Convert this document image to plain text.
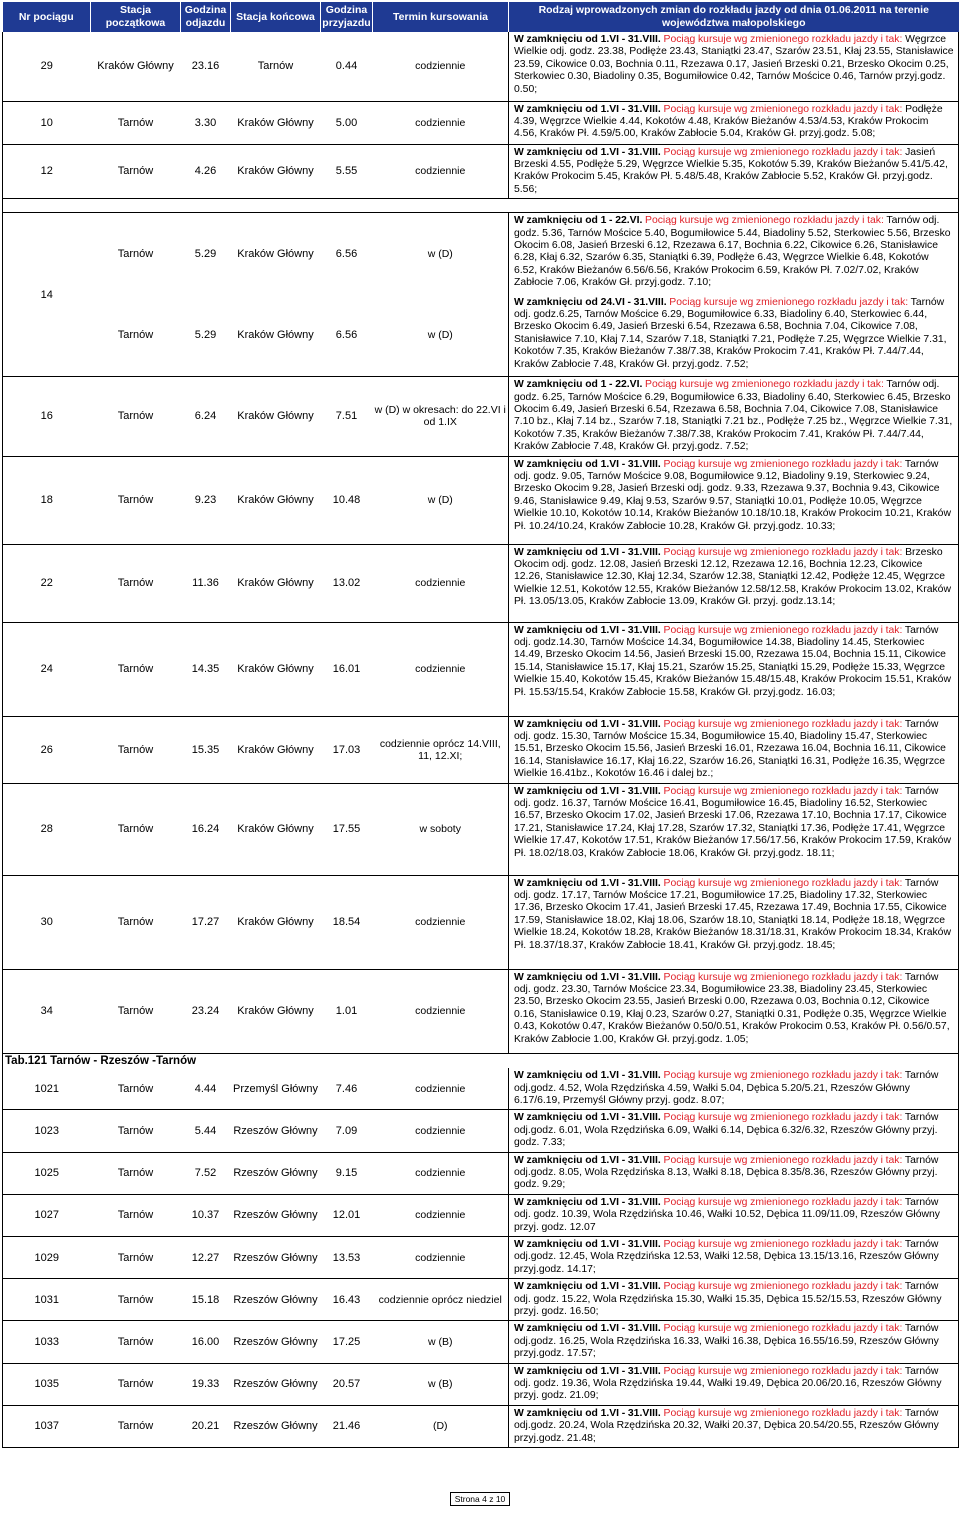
Nr pociągu	Stacja początkowa	Godzina odjazdu	Stacja końcowa	Godzina przyjazdu	Termin kursowania	Rodzaj wprowadzonych zmian do rozkładu jazdy od dnia 01.06.2011 na terenie województwa małopolskiego
29	Kraków Główny	23.16	Tarnów	0.44	codziennie	W zamknięciu od 1.VI - 31.VIII. Pociąg kursuje wg zmienionego rozkładu jazdy i tak: Węgrzce Wielkie odj. godz. 23.38, Podłęże 23.43, Staniątki 23.47, Szarów 23.51, Kłaj 23.55, Stanisławice 23.59, Cikowice 0.03, Bochnia 0.11, Rzezawa 0.17, Jasień Brzeski 0.21, Brzesko Okocim 0.25, Sterkowiec 0.30, Biadoliny 0.35, Bogumiłowice 0.42, Tarnów Mościce 0.46, Tarnów przyj.godz. 0.50;
10	Tarnów	3.30	Kraków Główny	5.00	codziennie	W zamknięciu od 1.VI - 31.VIII. Pociąg kursuje wg zmienionego rozkładu jazdy i tak: Podłęże 4.39, Węgrzce Wielkie 4.44, Kokotów 4.48, Kraków Bieżanów 4.53/4.53, Kraków Prokocim 4.56, Kraków Pł. 4.59/5.00, Kraków Zabłocie 5.04, Kraków Gł. przyj.godz. 5.08;
12	Tarnów	4.26	Kraków Główny	5.55	codziennie	W zamknięciu od 1.VI - 31.VIII. Pociąg kursuje wg zmienionego rozkładu jazdy i tak: Jasień Brzeski 4.55, Podłęże 5.29, Węgrzce Wielkie 5.35, Kokotów 5.39, Kraków Bieżanów 5.41/5.42, Kraków Prokocim 5.45, Kraków Pł. 5.48/5.48, Kraków Zabłocie 5.52, Kraków Gł. przyj.godz. 5.56;

14	Tarnów	5.29	Kraków Główny	6.56	w (D)	W zamknięciu od 1 - 22.VI. Pociąg kursuje wg zmienionego rozkładu jazdy i tak: Tarnów odj. godz. 5.36, Tarnów Mościce 5.40, Bogumiłowice 5.44, Biadoliny 5.52, Sterkowiec 5.56, Brzesko Okocim 6.08, Jasień Brzeski 6.12, Rzezawa 6.17, Bochnia 6.22, Cikowice 6.26, Stanisławice 6.28, Kłaj 6.32, Szarów 6.35, Staniątki 6.39, Podłęże 6.43, Węgrzce Wielkie 6.48, Kokotów 6.52, Kraków Bieżanów 6.56/6.56, Kraków Prokocim 6.59, Kraków Pł. 7.02/7.02, Kraków Zabłocie 7.06, Kraków Gł. przyj.godz. 7.10;
	Tarnów	5.29	Kraków Główny	6.56	w (D)	W zamknięciu od 24.VI - 31.VIII. Pociąg kursuje wg zmienionego rozkładu jazdy i tak: Tarnów odj. godz.6.25, Tarnów Mościce 6.29, Bogumiłowice 6.33, Biadoliny 6.40, Sterkowiec 6.44, Brzesko Okocim 6.49, Jasień Brzeski 6.54, Rzezawa 6.58, Bochnia 7.04, Cikowice 7.08, Stanisławice 7.10, Kłaj 7.14, Szarów 7.18, Staniątki 7.21, Podłęże 7.25, Węgrzce Wielkie 7.31, Kokotów 7.35, Kraków Bieżanów 7.38/7.38, Kraków Prokocim 7.41, Kraków Pł. 7.44/7.44, Kraków Zabłocie 7.48, Kraków Gł. przyj.godz. 7.52;
16	Tarnów	6.24	Kraków Główny	7.51	w (D) w okresach: do 22.VI i od 1.IX	W zamknięciu od 1 - 22.VI. Pociąg kursuje wg zmienionego rozkładu jazdy i tak: Tarnów odj. godz. 6.25, Tarnów Mościce 6.29, Bogumiłowice 6.33, Biadoliny 6.40, Sterkowiec 6.45, Brzesko Okocim 6.49, Jasień Brzeski 6.54, Rzezawa 6.58, Bochnia 7.04, Cikowice 7.08, Stanisławice 7.10 bz., Kłaj 7.14 bz., Szarów 7.18, Staniątki 7.21 bz., Podłęże 7.25 bz., Węgrzce Wielkie 7.31, Kokotów 7.35, Kraków Bieżanów 7.38/7.38, Kraków Prokocim 7.41, Kraków Pł. 7.44/7.44, Kraków Zabłocie 7.48, Kraków Gł. przyj.godz. 7.52;
18	Tarnów	9.23	Kraków Główny	10.48	w (D)	W zamknięciu od 1.VI - 31.VIII. Pociąg kursuje wg zmienionego rozkładu jazdy i tak: Tarnów odj. godz. 9.05, Tarnów Mościce 9.08, Bogumiłowice 9.12, Biadoliny 9.19, Sterkowiec 9.24, Brzesko Okocim 9.28, Jasień Brzeski odj. godz. 9.33, Rzezawa 9.37, Bochnia 9.43, Cikowice 9.46, Stanisławice 9.49, Kłaj 9.53, Szarów 9.57, Staniątki 10.01, Podłęże 10.05, Węgrzce Wielkie 10.10, Kokotów 10.14, Kraków Bieżanów 10.18/10.18, Kraków Prokocim 10.21, Kraków Pł. 10.24/10.24, Kraków Zabłocie 10.28, Kraków Gł. przyj.godz. 10.33;
22	Tarnów	11.36	Kraków Główny	13.02	codziennie	W zamknięciu od 1.VI - 31.VIII. Pociąg kursuje wg zmienionego rozkładu jazdy i tak: Brzesko Okocim odj. godz. 12.08, Jasień Brzeski 12.12, Rzezawa 12.16, Bochnia 12.23, Cikowice 12.26, Stanisławice 12.30, Kłaj 12.34, Szarów 12.38, Staniątki 12.42, Podłęże 12.45, Węgrzce Wielkie 12.51, Kokotów 12.55, Kraków Bieżanów 12.58/12.58, Kraków Prokocim 13.02, Kraków Pł. 13.05/13.05, Kraków Zabłocie 13.09, Kraków Gł. przyj. godz.13.14;
24	Tarnów	14.35	Kraków Główny	16.01	codziennie	W zamknięciu od 1.VI - 31.VIII. Pociąg kursuje wg zmienionego rozkładu jazdy i tak: Tarnów odj. godz.14.30, Tarnów Mościce 14.34, Bogumiłowice 14.38, Biadoliny 14.45, Sterkowiec 14.49, Brzesko Okocim 14.56, Jasień Brzeski 15.00, Rzezawa 15.04, Bochnia 15.11, Cikowice 15.14, Stanisławice 15.17, Kłaj 15.21, Szarów 15.25, Staniątki 15.29, Podłęże 15.33, Węgrzce Wielkie 15.40, Kokotów 15.45, Kraków Bieżanów 15.48/15.48, Kraków Prokocim 15.51, Kraków Pł. 15.53/15.54, Kraków Zabłocie 15.58, Kraków Gł. przyj.godz. 16.03;
26	Tarnów	15.35	Kraków Główny	17.03	codziennie oprócz 14.VIII, 11, 12.XI;	W zamknięciu od 1.VI - 31.VIII. Pociąg kursuje wg zmienionego rozkładu jazdy i tak: Tarnów odj. godz. 15.30, Tarnów Mościce 15.34, Bogumiłowice 15.40, Biadoliny 15.47, Sterkowiec 15.51, Brzesko Okocim 15.56, Jasień Brzeski 16.01, Rzezawa 16.04, Bochnia 16.11, Cikowice 16.14, Stanisławice 16.17, Kłaj 16.22, Szarów 16.26, Staniątki 16.31, Podłęże 16.35, Węgrzce Wielkie 16.41bz., Kokotów 16.46 i dalej bz.;
28	Tarnów	16.24	Kraków Główny	17.55	w soboty	W zamknięciu od 1.VI - 31.VIII. Pociąg kursuje wg zmienionego rozkładu jazdy i tak: Tarnów odj. godz. 16.37, Tarnów Mościce 16.41, Bogumiłowice 16.45, Biadoliny 16.52, Sterkowiec 16.57, Brzesko Okocim 17.02, Jasień Brzeski 17.06, Rzezawa 17.10, Bochnia 17.17, Cikowice 17.21, Stanisławice 17.24, Kłaj 17.28, Szarów 17.32, Staniątki 17.36, Podłęże 17.41, Węgrzce Wielkie 17.47, Kokotów 17.51, Kraków Bieżanów 17.56/17.56, Kraków Prokocim 17.59, Kraków Pł. 18.02/18.03, Kraków Zabłocie 18.06, Kraków Gł. przyj.godz. 18.11;
30	Tarnów	17.27	Kraków Główny	18.54	codziennie	W zamknięciu od 1.VI - 31.VIII. Pociąg kursuje wg zmienionego rozkładu jazdy i tak: Tarnów odj. godz. 17.17, Tarnów Mościce 17.21, Bogumiłowice 17.25, Biadoliny 17.32, Sterkowiec 17.36, Brzesko Okocim 17.41, Jasień Brzeski 17.45, Rzezawa 17.49, Bochnia 17.55, Cikowice 17.59, Stanisławice 18.02, Kłaj 18.06, Szarów 18.10, Staniątki 18.14, Podłęże 18.18, Węgrzce Wielkie 18.24, Kokotów 18.28, Kraków Bieżanów 18.31/18.31, Kraków Prokocim 18.34, Kraków Pł. 18.37/18.37, Kraków Zabłocie 18.41, Kraków Gł. przyj.godz. 18.45;
34	Tarnów	23.24	Kraków Główny	1.01	codziennie	W zamknięciu od 1.VI - 31.VIII. Pociąg kursuje wg zmienionego rozkładu jazdy i tak: Tarnów odj. godz. 23.30, Tarnów Mościce 23.34, Bogumiłowice 23.38, Biadoliny 23.45, Sterkowiec 23.50, Brzesko Okocim 23.55, Jasień Brzeski 0.00, Rzezawa 0.03, Bochnia 0.12, Cikowice 0.16, Stanisławice 0.19, Kłaj 0.23, Szarów 0.27, Staniątki 0.31, Podłęże 0.35, Węgrzce Wielkie 0.43, Kokotów 0.47, Kraków Bieżanów 0.50/0.51, Kraków Prokocim 0.53, Kraków Pł. 0.56/0.57, Kraków Zabłocie 1.00, Kraków Gł. przyj.godz. 1.05;
Tab.121 Tarnów - Rzeszów -Tarnów						
1021	Tarnów	4.44	Przemyśl Główny	7.46	codziennie	W zamknięciu od 1.VI - 31.VIII. Pociąg kursuje wg zmienionego rozkładu jazdy i tak: Tarnów odj.godz. 4.52, Wola Rzędzińska 4.59, Wałki 5.04, Dębica 5.20/5.21, Rzeszów Główny 6.17/6.19, Przemyśl Główny przyj. godz. 8.07;
1023	Tarnów	5.44	Rzeszów Główny	7.09	codziennie	W zamknięciu od 1.VI - 31.VIII. Pociąg kursuje wg zmienionego rozkładu jazdy i tak: Tarnów odj.godz. 6.01, Wola Rzędzińska 6.09, Wałki 6.14, Dębica 6.32/6.32, Rzeszów Główny przyj. godz. 7.33;
1025	Tarnów	7.52	Rzeszów Główny	9.15	codziennie	W zamknięciu od 1.VI - 31.VIII. Pociąg kursuje wg zmienionego rozkładu jazdy i tak: Tarnów odj.godz. 8.05, Wola Rzędzińska 8.13, Wałki 8.18, Dębica 8.35/8.36, Rzeszów Główny przyj. godz. 9.29;
1027	Tarnów	10.37	Rzeszów Główny	12.01	codziennie	W zamknięciu od 1.VI - 31.VIII. Pociąg kursuje wg zmienionego rozkładu jazdy i tak: Tarnów odj. godz. 10.39, Wola Rzędzińska 10.46, Wałki 10.52, Dębica 11.09/11.09, Rzeszów Główny przyj. godz. 12.07
1029	Tarnów	12.27	Rzeszów Główny	13.53	codziennie	W zamknięciu od 1.VI - 31.VIII. Pociąg kursuje wg zmienionego rozkładu jazdy i tak: Tarnów odj.godz. 12.45, Wola Rzędzińska 12.53, Wałki 12.58, Dębica 13.15/13.16, Rzeszów Główny przyj.godz. 14.17;
1031	Tarnów	15.18	Rzeszów Główny	16.43	codziennie oprócz niedziel	W zamknięciu od 1.VI - 31.VIII. Pociąg kursuje wg zmienionego rozkładu jazdy i tak: Tarnów odj. godz. 15.22, Wola Rzędzińska 15.30, Wałki 15.35, Dębica 15.52/15.53, Rzeszów Główny przyj. godz. 16.50;
1033	Tarnów	16.00	Rzeszów Główny	17.25	w (B)	W zamknięciu od 1.VI - 31.VIII. Pociąg kursuje wg zmienionego rozkładu jazdy i tak: Tarnów odj.godz. 16.25, Wola Rzędzińska 16.33, Wałki 16.38, Dębica 16.55/16.59, Rzeszów Główny przyj.godz. 17.57;
1035	Tarnów	19.33	Rzeszów Główny	20.57	w (B)	W zamknięciu od 1.VI - 31.VIII. Pociąg kursuje wg zmienionego rozkładu jazdy i tak: Tarnów odj. godz. 19.36, Wola Rzędzińska 19.44, Wałki 19.49, Dębica 20.06/20.16, Rzeszów Główny przyj. godz. 21.09;
1037	Tarnów	20.21	Rzeszów Główny	21.46	(D)	W zamknięciu od 1.VI - 31.VIII. Pociąg kursuje wg zmienionego rozkładu jazdy i tak: Tarnów odj.godz. 20.24, Wola Rzędzińska 20.32, Wałki 20.37, Dębica 20.54/20.55, Rzeszów Główny przyj.godz. 21.48;
Strona 4 z 10
